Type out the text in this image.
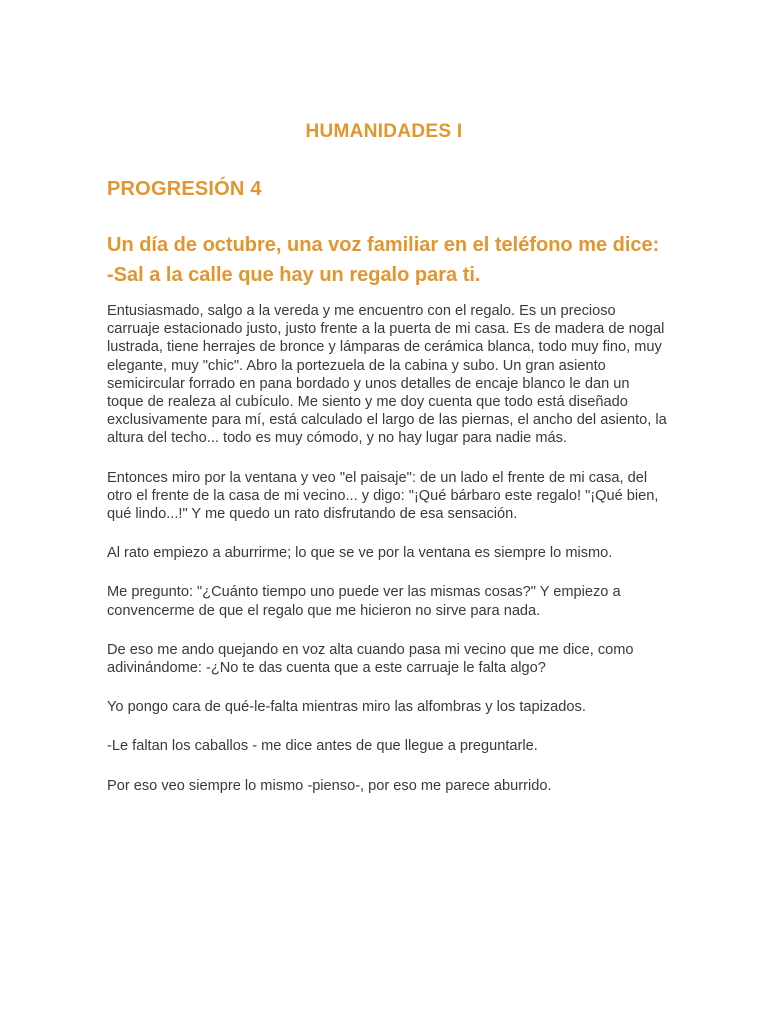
HUMANIDADES I
PROGRESIÓN 4
Un día de octubre, una voz familiar en el teléfono me dice: -Sal a la calle que hay un regalo para ti.

Entusiasmado, salgo a la vereda y me encuentro con el regalo. Es un precioso carruaje estacionado justo, justo frente a la puerta de mi casa. Es de madera de nogal lustrada, tiene herrajes de bronce y lámparas de cerámica blanca, todo muy fino, muy elegante, muy "chic". Abro la portezuela de la cabina y subo. Un gran asiento semicircular forrado en pana bordado y unos detalles de encaje blanco le dan un toque de realeza al cubículo. Me siento y me doy cuenta que todo está diseñado exclusivamente para mí, está calculado el largo de las piernas, el ancho del asiento, la altura del techo... todo es muy cómodo, y no hay lugar para nadie más.

Entonces miro por la ventana y veo "el paisaje": de un lado el frente de mi casa, del otro el frente de la casa de mi vecino... y digo: "¡Qué bárbaro este regalo! "¡Qué bien, qué lindo...!" Y me quedo un rato disfrutando de esa sensación.

Al rato empiezo a aburrirme; lo que se ve por la ventana es siempre lo mismo.

Me pregunto: "¿Cuánto tiempo uno puede ver las mismas cosas?" Y empiezo a convencerme de que el regalo que me hicieron no sirve para nada.

De eso me ando quejando en voz alta cuando pasa mi vecino que me dice, como adivinándome: -¿No te das cuenta que a este carruaje le falta algo?

Yo pongo cara de qué-le-falta mientras miro las alfombras y los tapizados.

-Le faltan los caballos - me dice antes de que llegue a preguntarle.

Por eso veo siempre lo mismo -pienso-, por eso me parece aburrido.
